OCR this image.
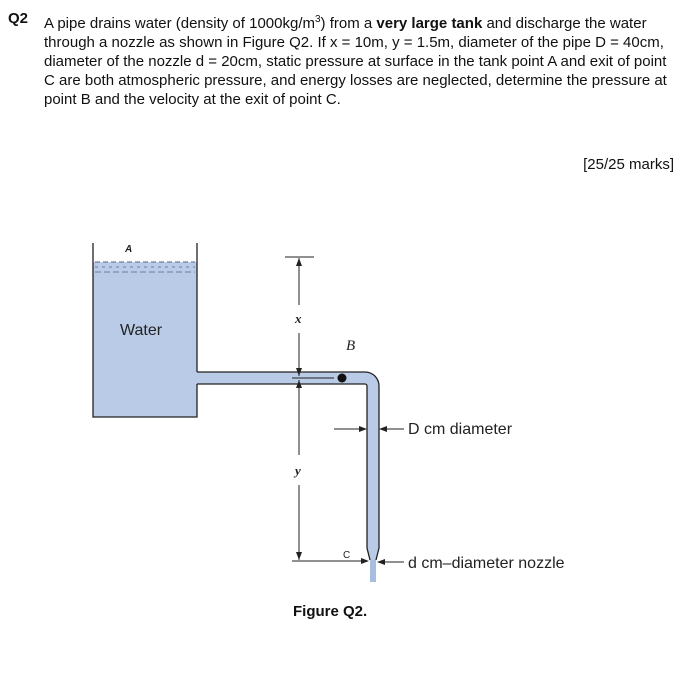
Q2 A pipe drains water (density of $1000kg/m^3$) from a very large tank and discharge the water through a nozzle as shown in Figure Q2. If x = 10m, y = 1.5m, diameter of the pipe D = 40cm, diameter of the nozzle d = 20cm, static pressure at surface in the tank point A and exit of point C are both atmospheric pressure, and energy losses are neglected, determine the pressure at point B and the velocity at the exit of point C.
[25/25 marks]
A
Water
x
B
y
C
D cm diameter
d cm–diameter nozzle
Figure Q2.
